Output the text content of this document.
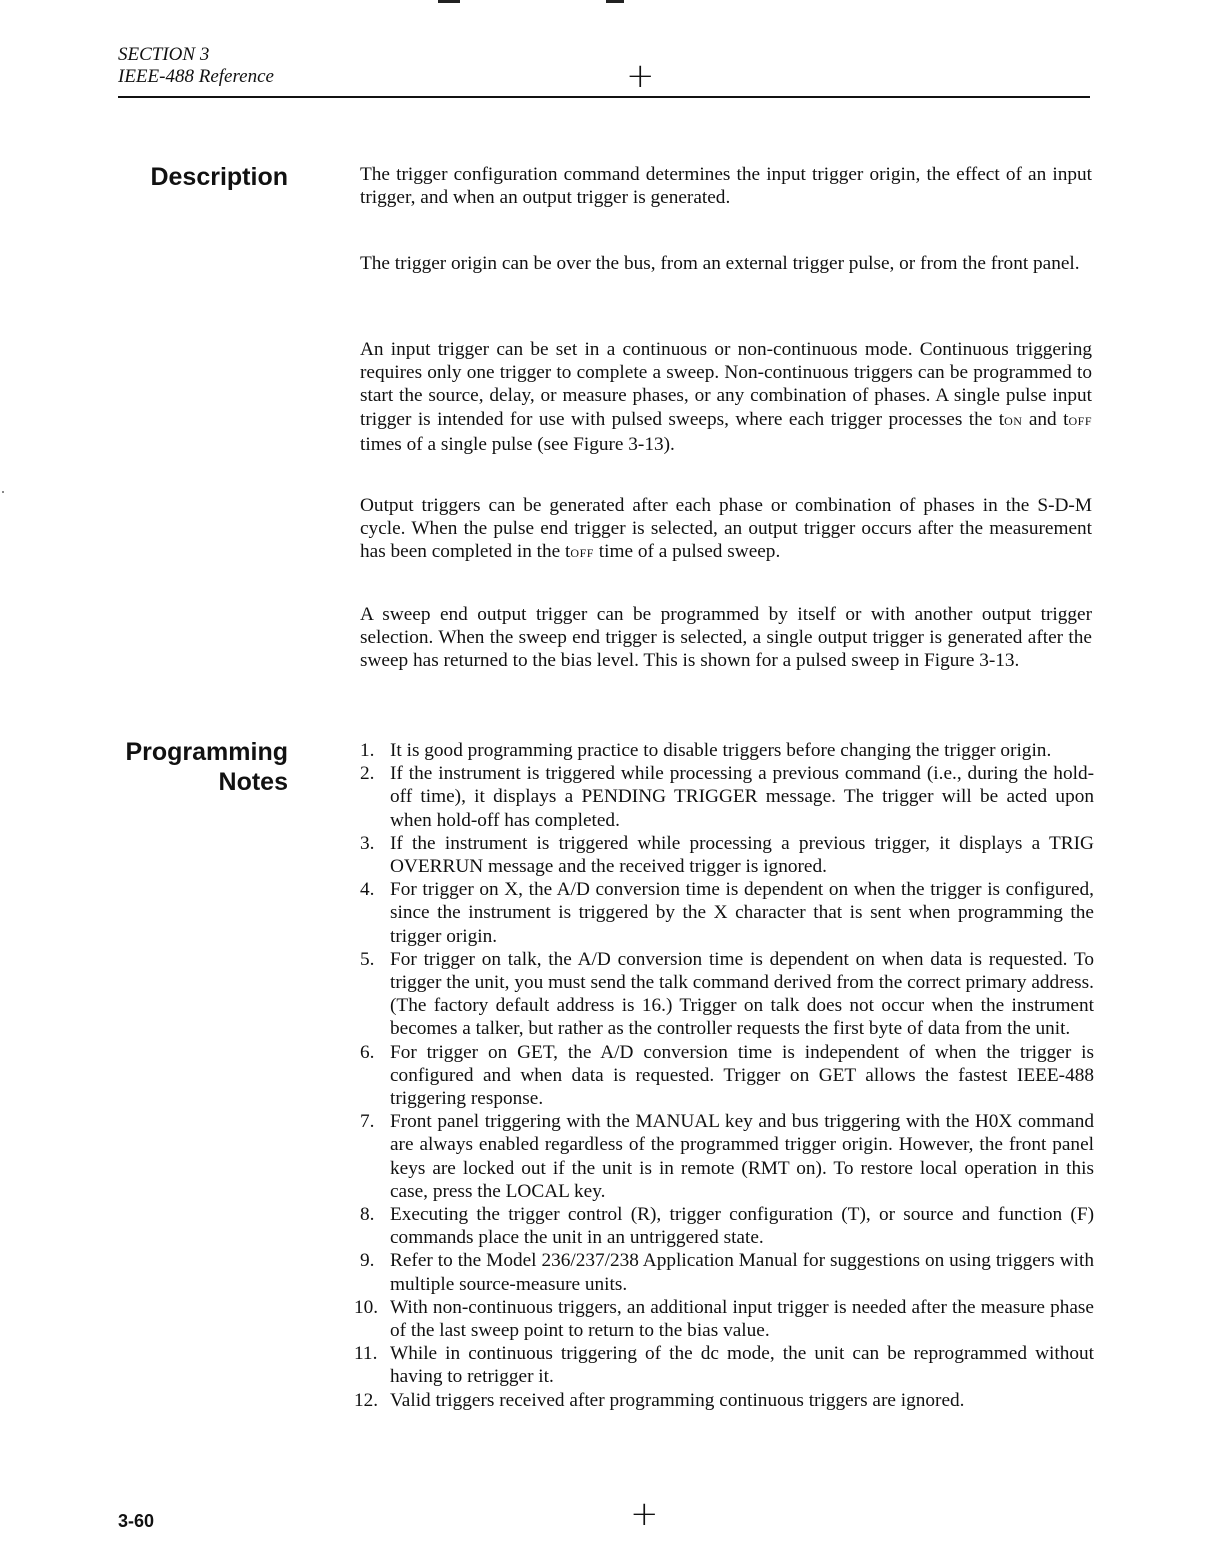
SECTION 3
IEEE-488 Reference	+
Description	The trigger configuration command determines the input trigger origin, the effect of an input trigger, and when an output trigger is generated.

The trigger origin can be over the bus, from an external trigger pulse, or from the front panel.

An input trigger can be set in a continuous or non-continuous mode. Continuous triggering requires only one trigger to complete a sweep. Non-continuous triggers can be programmed to start the source, delay, or measure phases, or any combination of phases. A single pulse input trigger is intended for use with pulsed sweeps, where each trigger processes the tON and tOFF times of a single pulse (see Figure 3-13).

Output triggers can be generated after each phase or combination of phases in the S-D-M cycle. When the pulse end trigger is selected, an output trigger occurs after the measurement has been completed in the tOFF time of a pulsed sweep.

A sweep end output trigger can be programmed by itself or with another output trigger selection. When the sweep end trigger is selected, a single output trigger is generated after the sweep has returned to the bias level. This is shown for a pulsed sweep in Figure 3-13.

Programming
Notes
1. It is good programming practice to disable triggers before changing the trigger origin.
2. If the instrument is triggered while processing a previous command (i.e., during the hold-off time), it displays a PENDING TRIGGER message. The trigger will be acted upon when hold-off has completed.
3. If the instrument is triggered while processing a previous trigger, it displays a TRIG OVERRUN message and the received trigger is ignored.
4. For trigger on X, the A/D conversion time is dependent on when the trigger is configured, since the instrument is triggered by the X character that is sent when programming the trigger origin.
5. For trigger on talk, the A/D conversion time is dependent on when data is requested. To trigger the unit, you must send the talk command derived from the correct primary address. (The factory default address is 16.) Trigger on talk does not occur when the instrument becomes a talker, but rather as the controller requests the first byte of data from the unit.
6. For trigger on GET, the A/D conversion time is independent of when the trigger is configured and when data is requested. Trigger on GET allows the fastest IEEE-488 triggering response.
7. Front panel triggering with the MANUAL key and bus triggering with the H0X command are always enabled regardless of the programmed trigger origin. However, the front panel keys are locked out if the unit is in remote (RMT on). To restore local operation in this case, press the LOCAL key.
8. Executing the trigger control (R), trigger configuration (T), or source and function (F) commands place the unit in an untriggered state.
9. Refer to the Model 236/237/238 Application Manual for suggestions on using triggers with multiple source-measure units.
10. With non-continuous triggers, an additional input trigger is needed after the measure phase of the last sweep point to return to the bias value.
11. While in continuous triggering of the dc mode, the unit can be reprogrammed without having to retrigger it.
12. Valid triggers received after programming continuous triggers are ignored.
3-60	+
